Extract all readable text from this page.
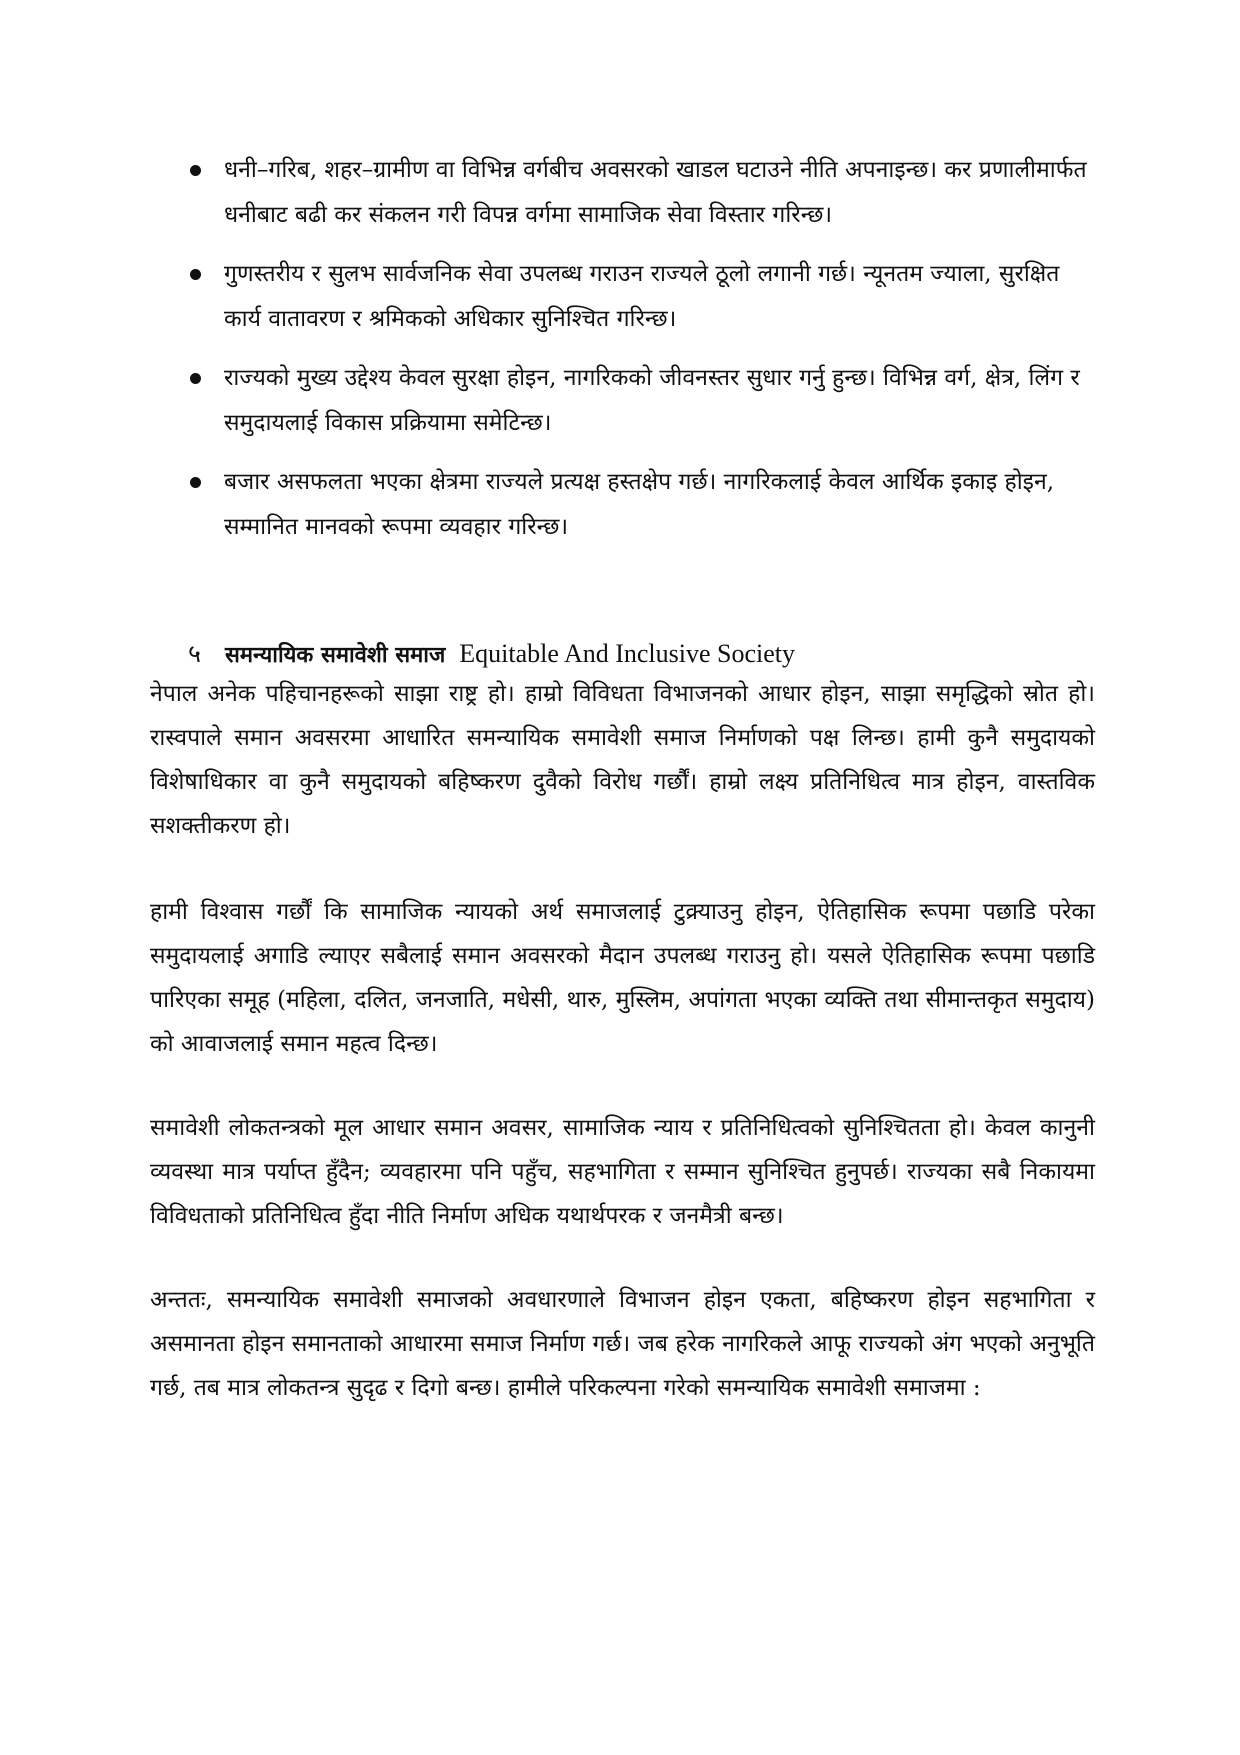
धनी–गरिब, शहर–ग्रामीण वा विभिन्न वर्गबीच अवसरको खाडल घटाउने नीति अपनाइन्छ। कर प्रणालीमार्फत धनीबाट बढी कर संकलन गरी विपन्न वर्गमा सामाजिक सेवा विस्तार गरिन्छ।
गुणस्तरीय र सुलभ सार्वजनिक सेवा उपलब्ध गराउन राज्यले ठूलो लगानी गर्छ। न्यूनतम ज्याला, सुरक्षित कार्य वातावरण र श्रमिकको अधिकार सुनिश्चित गरिन्छ।
राज्यको मुख्य उद्देश्य केवल सुरक्षा होइन, नागरिकको जीवनस्तर सुधार गर्नु हुन्छ। विभिन्न वर्ग, क्षेत्र, लिंग र समुदायलाई विकास प्रक्रियामा समेटिन्छ।
बजार असफलता भएका क्षेत्रमा राज्यले प्रत्यक्ष हस्तक्षेप गर्छ। नागरिकलाई केवल आर्थिक इकाइ होइन, सम्मानित मानवको रूपमा व्यवहार गरिन्छ।
५ समन्यायिक समावेशी समाज Equitable And Inclusive Society

नेपाल अनेक पहिचानहरूको साझा राष्ट्र हो। हाम्रो विविधता विभाजनको आधार होइन, साझा समृद्धिको स्रोत हो। रास्वपाले समान अवसरमा आधारित समन्यायिक समावेशी समाज निर्माणको पक्ष लिन्छ। हामी कुनै समुदायको विशेषाधिकार वा कुनै समुदायको बहिष्करण दुवैको विरोध गर्छौं। हाम्रो लक्ष्य प्रतिनिधित्व मात्र होइन, वास्तविक सशक्तीकरण हो।

हामी विश्वास गर्छौं कि सामाजिक न्यायको अर्थ समाजलाई टुक्र्याउनु होइन, ऐतिहासिक रूपमा पछाडि परेका समुदायलाई अगाडि ल्याएर सबैलाई समान अवसरको मैदान उपलब्ध गराउनु हो। यसले ऐतिहासिक रूपमा पछाडि पारिएका समूह (महिला, दलित, जनजाति, मधेसी, थारु, मुस्लिम, अपांगता भएका व्यक्ति तथा सीमान्तकृत समुदाय) को आवाजलाई समान महत्व दिन्छ।

समावेशी लोकतन्त्रको मूल आधार समान अवसर, सामाजिक न्याय र प्रतिनिधित्वको सुनिश्चितता हो। केवल कानुनी व्यवस्था मात्र पर्याप्त हुँदैन; व्यवहारमा पनि पहुँच, सहभागिता र सम्मान सुनिश्चित हुनुपर्छ। राज्यका सबै निकायमा विविधताको प्रतिनिधित्व हुँदा नीति निर्माण अधिक यथार्थपरक र जनमैत्री बन्छ।

अन्ततः, समन्यायिक समावेशी समाजको अवधारणाले विभाजन होइन एकता, बहिष्करण होइन सहभागिता र असमानता होइन समानताको आधारमा समाज निर्माण गर्छ। जब हरेक नागरिकले आफू राज्यको अंग भएको अनुभूति गर्छ, तब मात्र लोकतन्त्र सुदृढ र दिगो बन्छ। हामीले परिकल्पना गरेको समन्यायिक समावेशी समाजमा :
